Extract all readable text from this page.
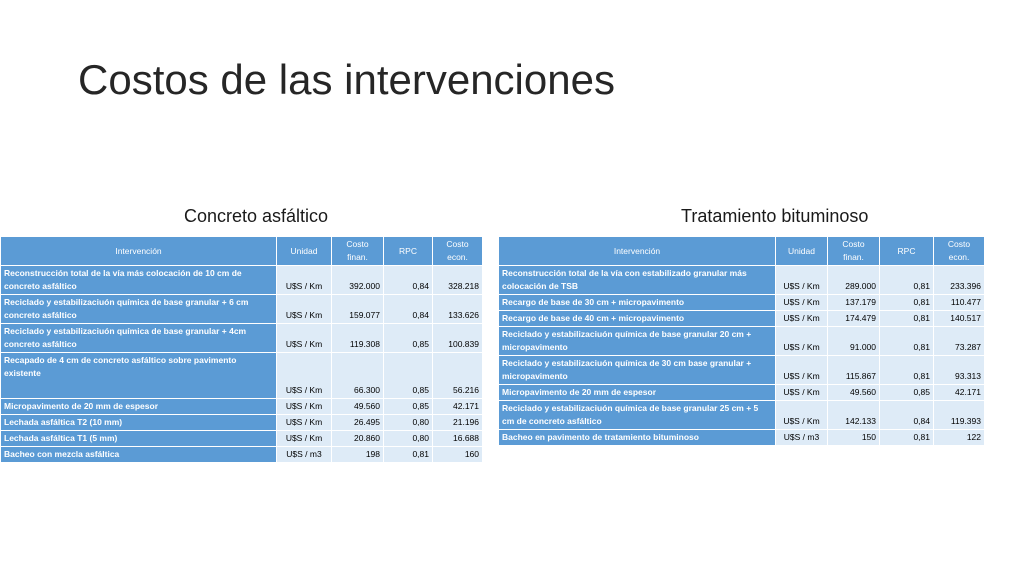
Costos de las intervenciones
Concreto asfáltico	Tratamiento bituminoso
Intervención	Unidad	Costo finan.	RPC	Costo econ.
Reconstrucción total de la vía más colocación de 10 cm de concreto asfáltico	U$S / Km	392.000	0,84	328.218
Reciclado y estabilizaciuón química de base granular + 6 cm concreto asfáltico	U$S / Km	159.077	0,84	133.626
Reciclado y estabilizaciuón química de base granular + 4cm concreto asfáltico	U$S / Km	119.308	0,85	100.839
Recapado de 4 cm de concreto asfáltico sobre pavimento existente	U$S / Km	66.300	0,85	56.216
Micropavimento de 20 mm de espesor	U$S / Km	49.560	0,85	42.171
Lechada asfáltica T2 (10 mm)	U$S / Km	26.495	0,80	21.196
Lechada asfáltica T1 (5 mm)	U$S / Km	20.860	0,80	16.688
Bacheo con mezcla asfáltica	U$S / m3	198	0,81	160
Intervención	Unidad	Costo finan.	RPC	Costo econ.
Reconstrucción total de la vía con estabilizado granular más colocación de TSB	U$S / Km	289.000	0,81	233.396
Recargo de base de 30 cm + micropavimento	U$S / Km	137.179	0,81	110.477
Recargo de base de 40 cm + micropavimento	U$S / Km	174.479	0,81	140.517
Reciclado y estabilizaciuón química de base granular 20 cm + micropavimento	U$S / Km	91.000	0,81	73.287
Reciclado y estabilizaciuón química de 30 cm base granular + micropavimento	U$S / Km	115.867	0,81	93.313
Micropavimento de 20 mm de espesor	U$S / Km	49.560	0,85	42.171
Reciclado y estabilizaciuón química de base granular 25 cm + 5 cm de concreto asfáltico	U$S / Km	142.133	0,84	119.393
Bacheo en pavimento de tratamiento bituminoso	U$S / m3	150	0,81	122
